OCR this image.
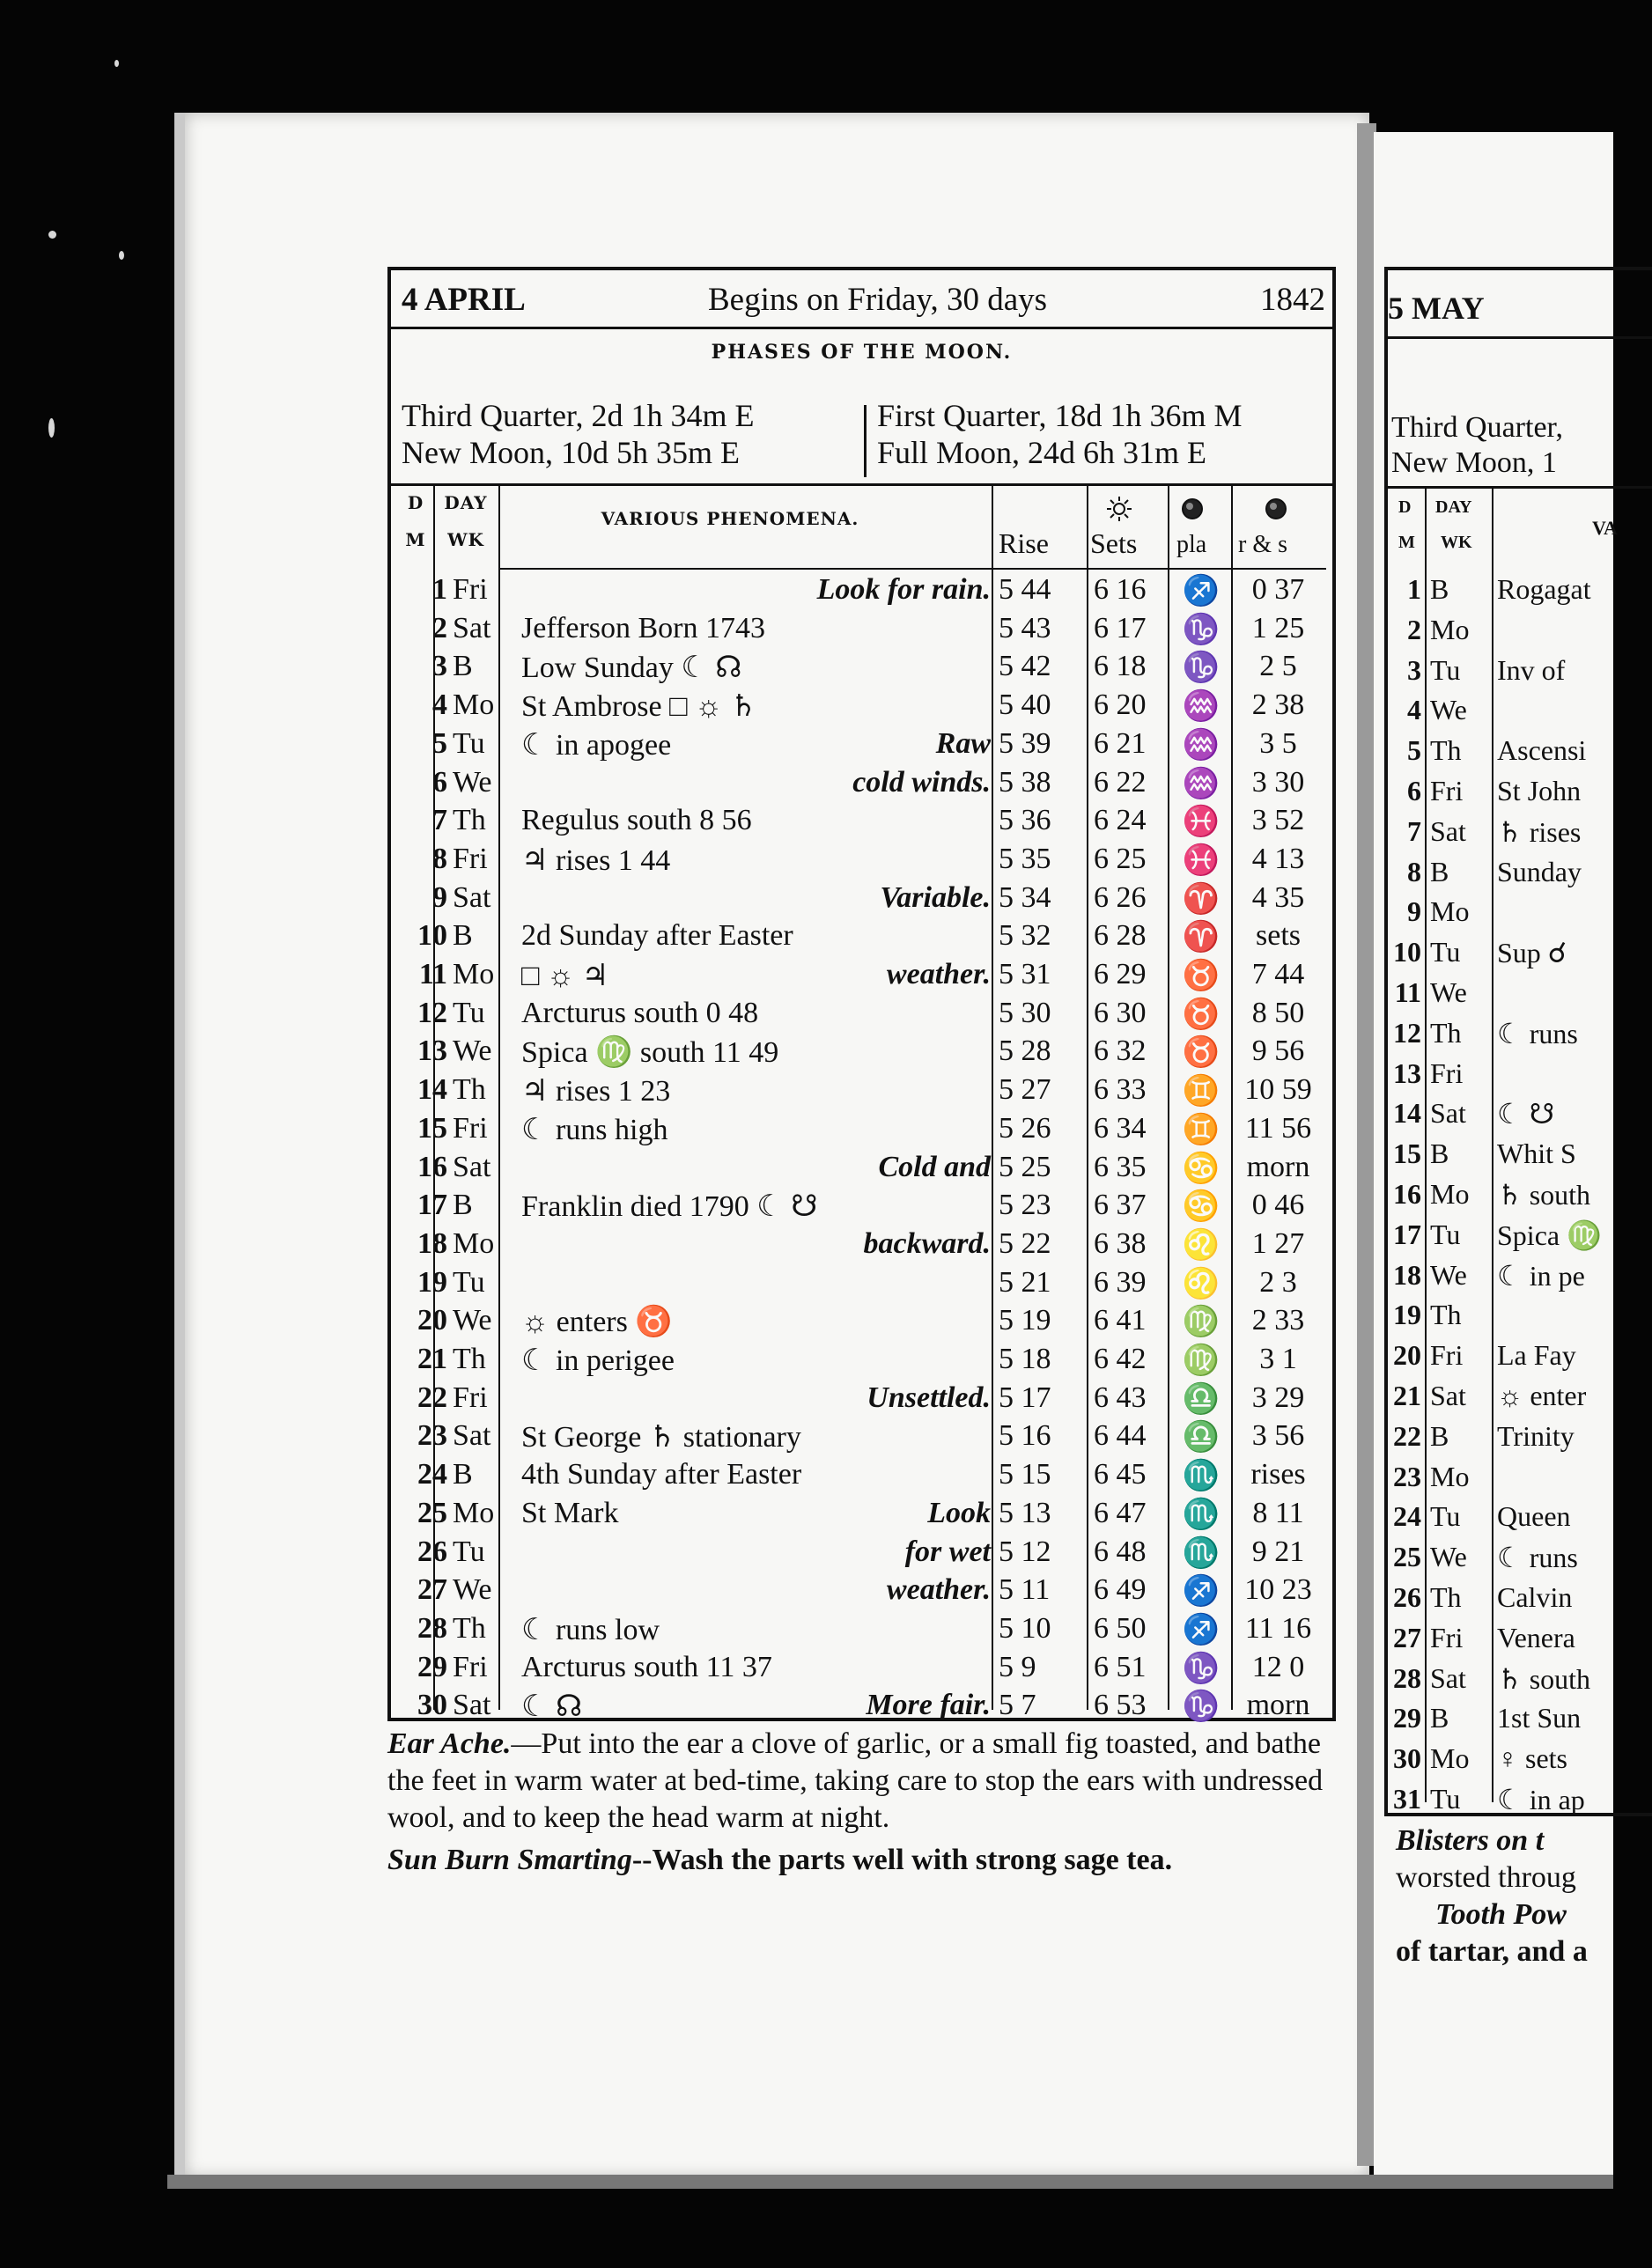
4 APRIL	Begins on Friday, 30 days	1842
PHASES OF THE MOON.
Third Quarter, 2d 1h 34m E
New Moon, 10d 5h 35m E
First Quarter, 18d 1h 36m M
Full Moon, 24d 6h 31m E
D
M
DAY
WK
VARIOUS PHENOMENA.
Rise Sets pla r & s
1 Fri	Look for rain. 5 44	6 16	♐	0 37
2 Sat	Jefferson Born 1743	5 43	6 17	♑	1 25
3 B	Low Sunday ☾ ☊	5 42	6 18	♑	2 5
4 Mo St Ambrose □ ☼ ♄	5 40	6 20	♒	2 38
5 Tu	☾ in apogee	Raw 5 39	6 21	♒	3 5
6 We	cold winds. 5 38	6 22	♒	3 30
7 Th	Regulus south 8 56	5 36	6 24	♓	3 52
8 Fri	♃ rises 1 44	5 35	6 25	♓	4 13
9 Sat	Variable. 5 34	6 26	♈	4 35
10 B	2d Sunday after Easter	5 32	6 28	♈	sets
11 Mo □ ☼ ♃	weather. 5 31	6 29	♉	7 44
12 Tu	Arcturus south 0 48	5 30	6 30	♉	8 50
13 We Spica ♍ south 11 49	5 28	6 32	♉	9 56
14 Th	♃ rises 1 23	5 27	6 33	♊ 10 59
15 Fri	☾ runs high	5 26	6 34	♊ 11 56
16 Sat	Cold and 5 25	6 35	♋ morn
17 B	Franklin died 1790 ☾ ☋	5 23	6 37	♋	0 46
18 Mo	backward. 5 22	6 38	♌	1 27
19 Tu	5 21	6 39	♌	2 3
20 We ☼ enters ♉	5 19	6 41	♍	2 33
21 Th	☾ in perigee	5 18	6 42	♍	3 1
22 Fri	Unsettled. 5 17	6 43	♎	3 29
23 Sat	St George ♄ stationary	5 16	6 44	♎	3 56
24 B	4th Sunday after Easter	5 15	6 45	♏	rises
25 Mo St Mark	Look 5 13	6 47	♏	8 11
26 Tu	for wet 5 12	6 48	♏	9 21
27 We	weather. 5 11	6 49	♐ 10 23
28 Th	☾ runs low	5 10	6 50	♐ 11 16
29 Fri	Arcturus south 11 37	5 9	6 51	♑	12 0
30 Sat	☾ ☊	More fair. 5 7	6 53	♑ morn

Ear Ache.—Put into the ear a clove of garlic, or a small fig toasted, and bathe the feet in warm water at bed-time, taking care to stop the ears with undressed wool, and to keep the head warm at night.

Sun Burn Smarting--Wash the parts well with strong sage tea.

5 MAY
Third Quarter,
New Moon, 1
D
M
DAY
WK
VA
1 B Rogagat
2 Mo
3 Tu Inv of
4 We
5 Th Ascensi
6 Fri St John
7 Sat ♄ rises
8 B Sunday
9 Mo
10 Tu Sup ☌
11 We
12 Th ☾ runs
13 Fri
14 Sat ☾ ☋
15 B Whit S
16 Mo ♄ south
17 Tu Spica ♍
18 We ☾ in pe
19 Th
20 Fri La Fay
21 Sat ☼ enter
22 B Trinity
23 Mo
24 Tu Queen
25 We ☾ runs
26 Th Calvin
27 Fri Venera
28 Sat ♄ south
29 B 1st Sun
30 Mo ♀ sets
31 Tu ☾ in ap
Blisters on t
worsted throug
Tooth Pow
of tartar, and a
